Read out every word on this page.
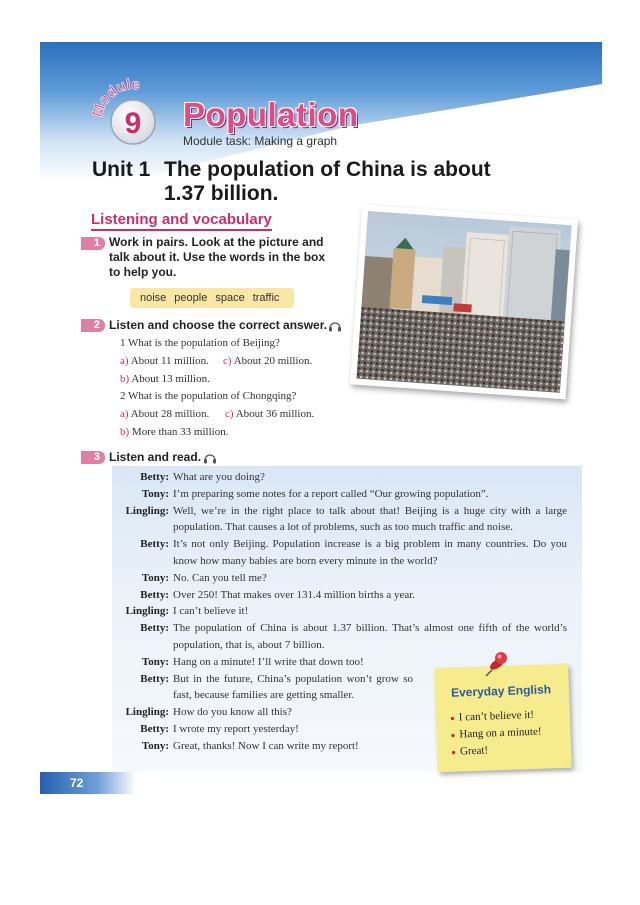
Module
9 Population
Module task: Making a graph
Unit 1 The population of China is about
1.37 billion.
Listening and vocabulary
1 Work in pairs. Look at the picture and talk about it. Use the words in the box to help you.
noise people space traffic
2 Listen and choose the correct answer.
1 What is the population of Beijing?
a) About 11 million. c) About 20 million.
b) About 13 million.
2 What is the population of Chongqing?
a) About 28 million. c) About 36 million.
b) More than 33 million.
3 Listen and read.
Betty: What are you doing?
Tony: I’m preparing some notes for a report called “Our growing population”.
Lingling: Well, we’re in the right place to talk about that! Beijing is a huge city with a large population. That causes a lot of problems, such as too much traffic and noise.
Betty: It’s not only Beijing. Population increase is a big problem in many countries. Do you know how many babies are born every minute in the world?
Tony: No. Can you tell me?
Betty: Over 250! That makes over 131.4 million births a year.
Lingling: I can’t believe it!
Betty: The population of China is about 1.37 billion. That’s almost one fifth of the world’s population, that is, about 7 billion.
Tony: Hang on a minute! I’ll write that down too!
Betty: But in the future, China’s population won’t grow so fast, because families are getting smaller.
Lingling: How do you know all this?
Betty: I wrote my report yesterday!
Tony: Great, thanks! Now I can write my report!
Everyday English
● I can’t believe it!
● Hang on a minute!
● Great!
72
